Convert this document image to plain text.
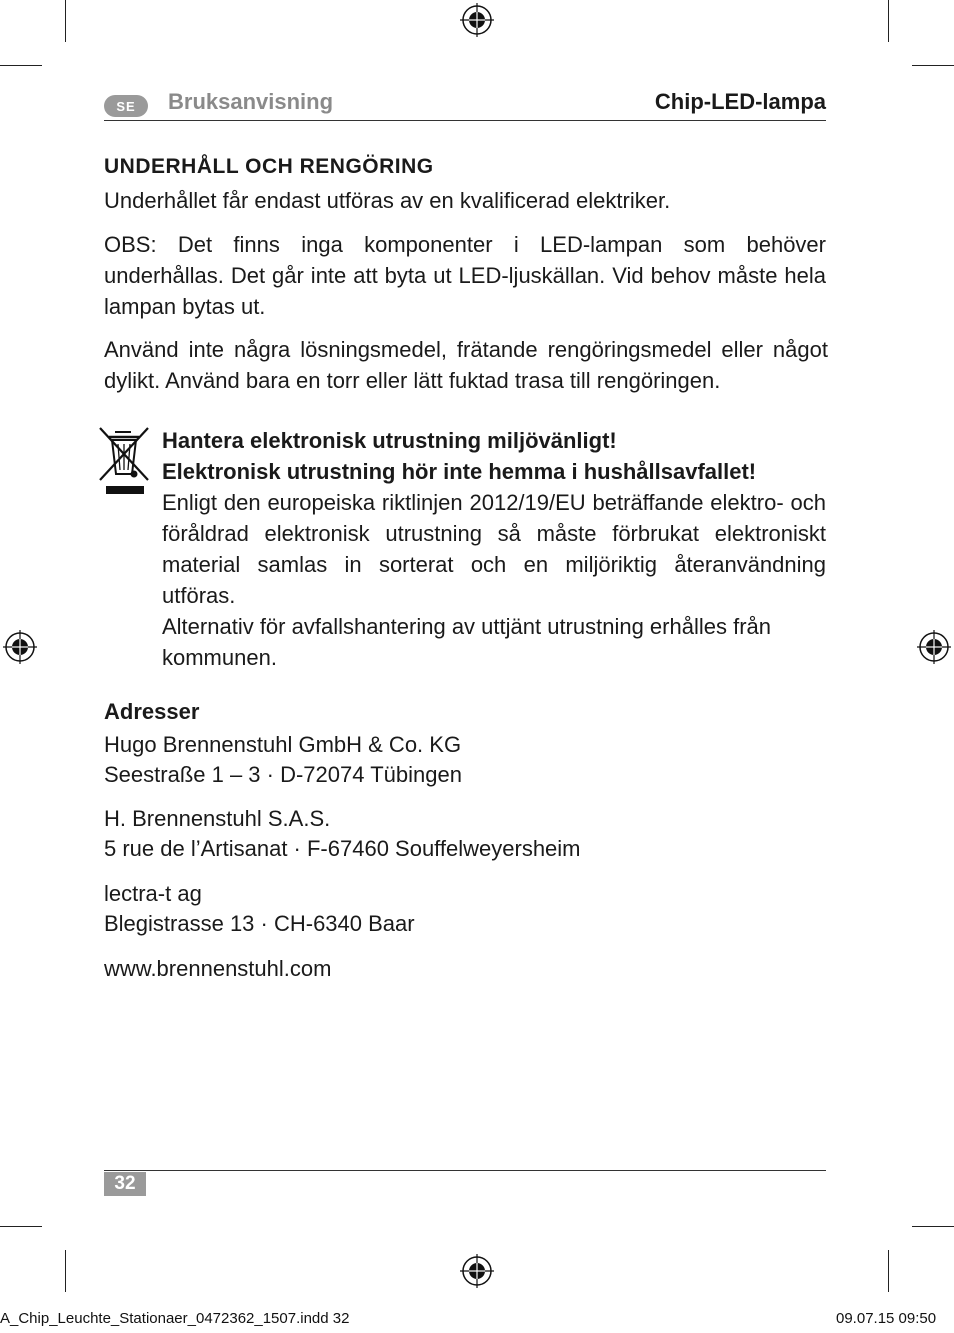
SE	Bruksanvisning	Chip-LED-lampa
UNDERHÅLL OCH RENGÖRING

Underhållet får endast utföras av en kvalificerad elektriker.

OBS: Det finns inga komponenter i LED-lampan som behöver underhållas. Det går inte att byta ut LED-ljuskällan. Vid behov måste hela lampan bytas ut.

Använd inte några lösningsmedel, frätande rengöringsmedel eller något dylikt. Använd bara en torr eller lätt fuktad trasa till rengöringen.

Hantera elektronisk utrustning miljövänligt!

Elektronisk utrustning hör inte hemma i hushållsavfallet!

Enligt den europeiska riktlinjen 2012/19/EU beträffande elektro- och föråldrad elektronisk utrustning så måste förbrukat elektroniskt material samlas in sorterat och en miljöriktig återanvändning utföras.

Alternativ för avfallshantering av uttjänt utrustning erhålles från kommunen.

Adresser

Hugo Brennenstuhl GmbH & Co. KG
Seestraße 1 – 3 · D-72074 Tübingen

H. Brennenstuhl S.A.S.
5 rue de l’Artisanat · F-67460 Souffelweyersheim

lectra-t ag
Blegistrasse 13 · CH-6340 Baar

www.brennenstuhl.com

32
A_Chip_Leuchte_Stationaer_0472362_1507.indd 32	09.07.15 09:50
